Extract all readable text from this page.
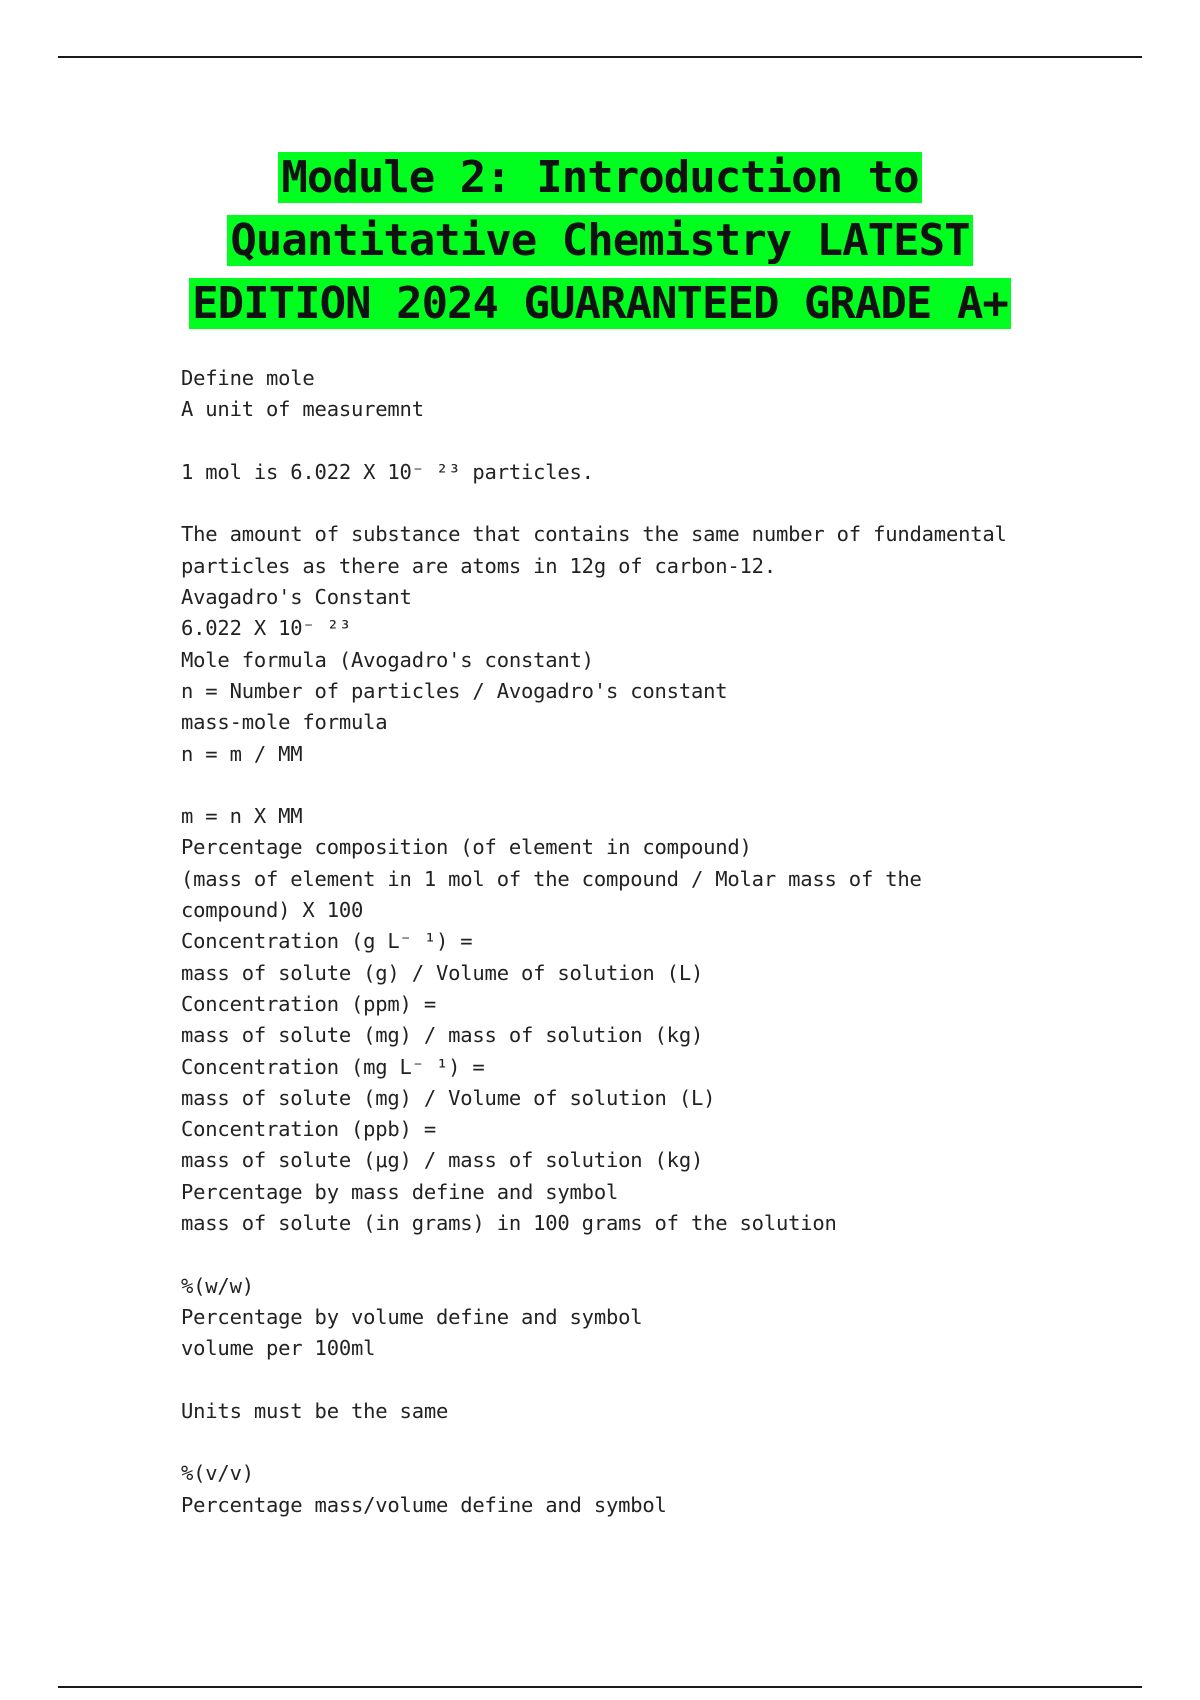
Module 2: Introduction to
Quantitative Chemistry LATEST
EDITION 2024 GUARANTEED GRADE A+
Define mole
A unit of measuremnt
1 mol is 6.022 X 10⁻ ²³ particles.
The amount of substance that contains the same number of fundamental
particles as there are atoms in 12g of carbon-12.
Avagadro's Constant
6.022 X 10⁻ ²³
Mole formula (Avogadro's constant)
n = Number of particles / Avogadro's constant
mass-mole formula
n = m / MM
m = n X MM
Percentage composition (of element in compound)
(mass of element in 1 mol of the compound / Molar mass of the
compound) X 100
Concentration (g L⁻ ¹) =
mass of solute (g) / Volume of solution (L)
Concentration (ppm) =
mass of solute (mg) / mass of solution (kg)
Concentration (mg L⁻ ¹) =
mass of solute (mg) / Volume of solution (L)
Concentration (ppb) =
mass of solute (μg) / mass of solution (kg)
Percentage by mass define and symbol
mass of solute (in grams) in 100 grams of the solution
%(w/w)
Percentage by volume define and symbol
volume per 100ml
Units must be the same
%(v/v)
Percentage mass/volume define and symbol
